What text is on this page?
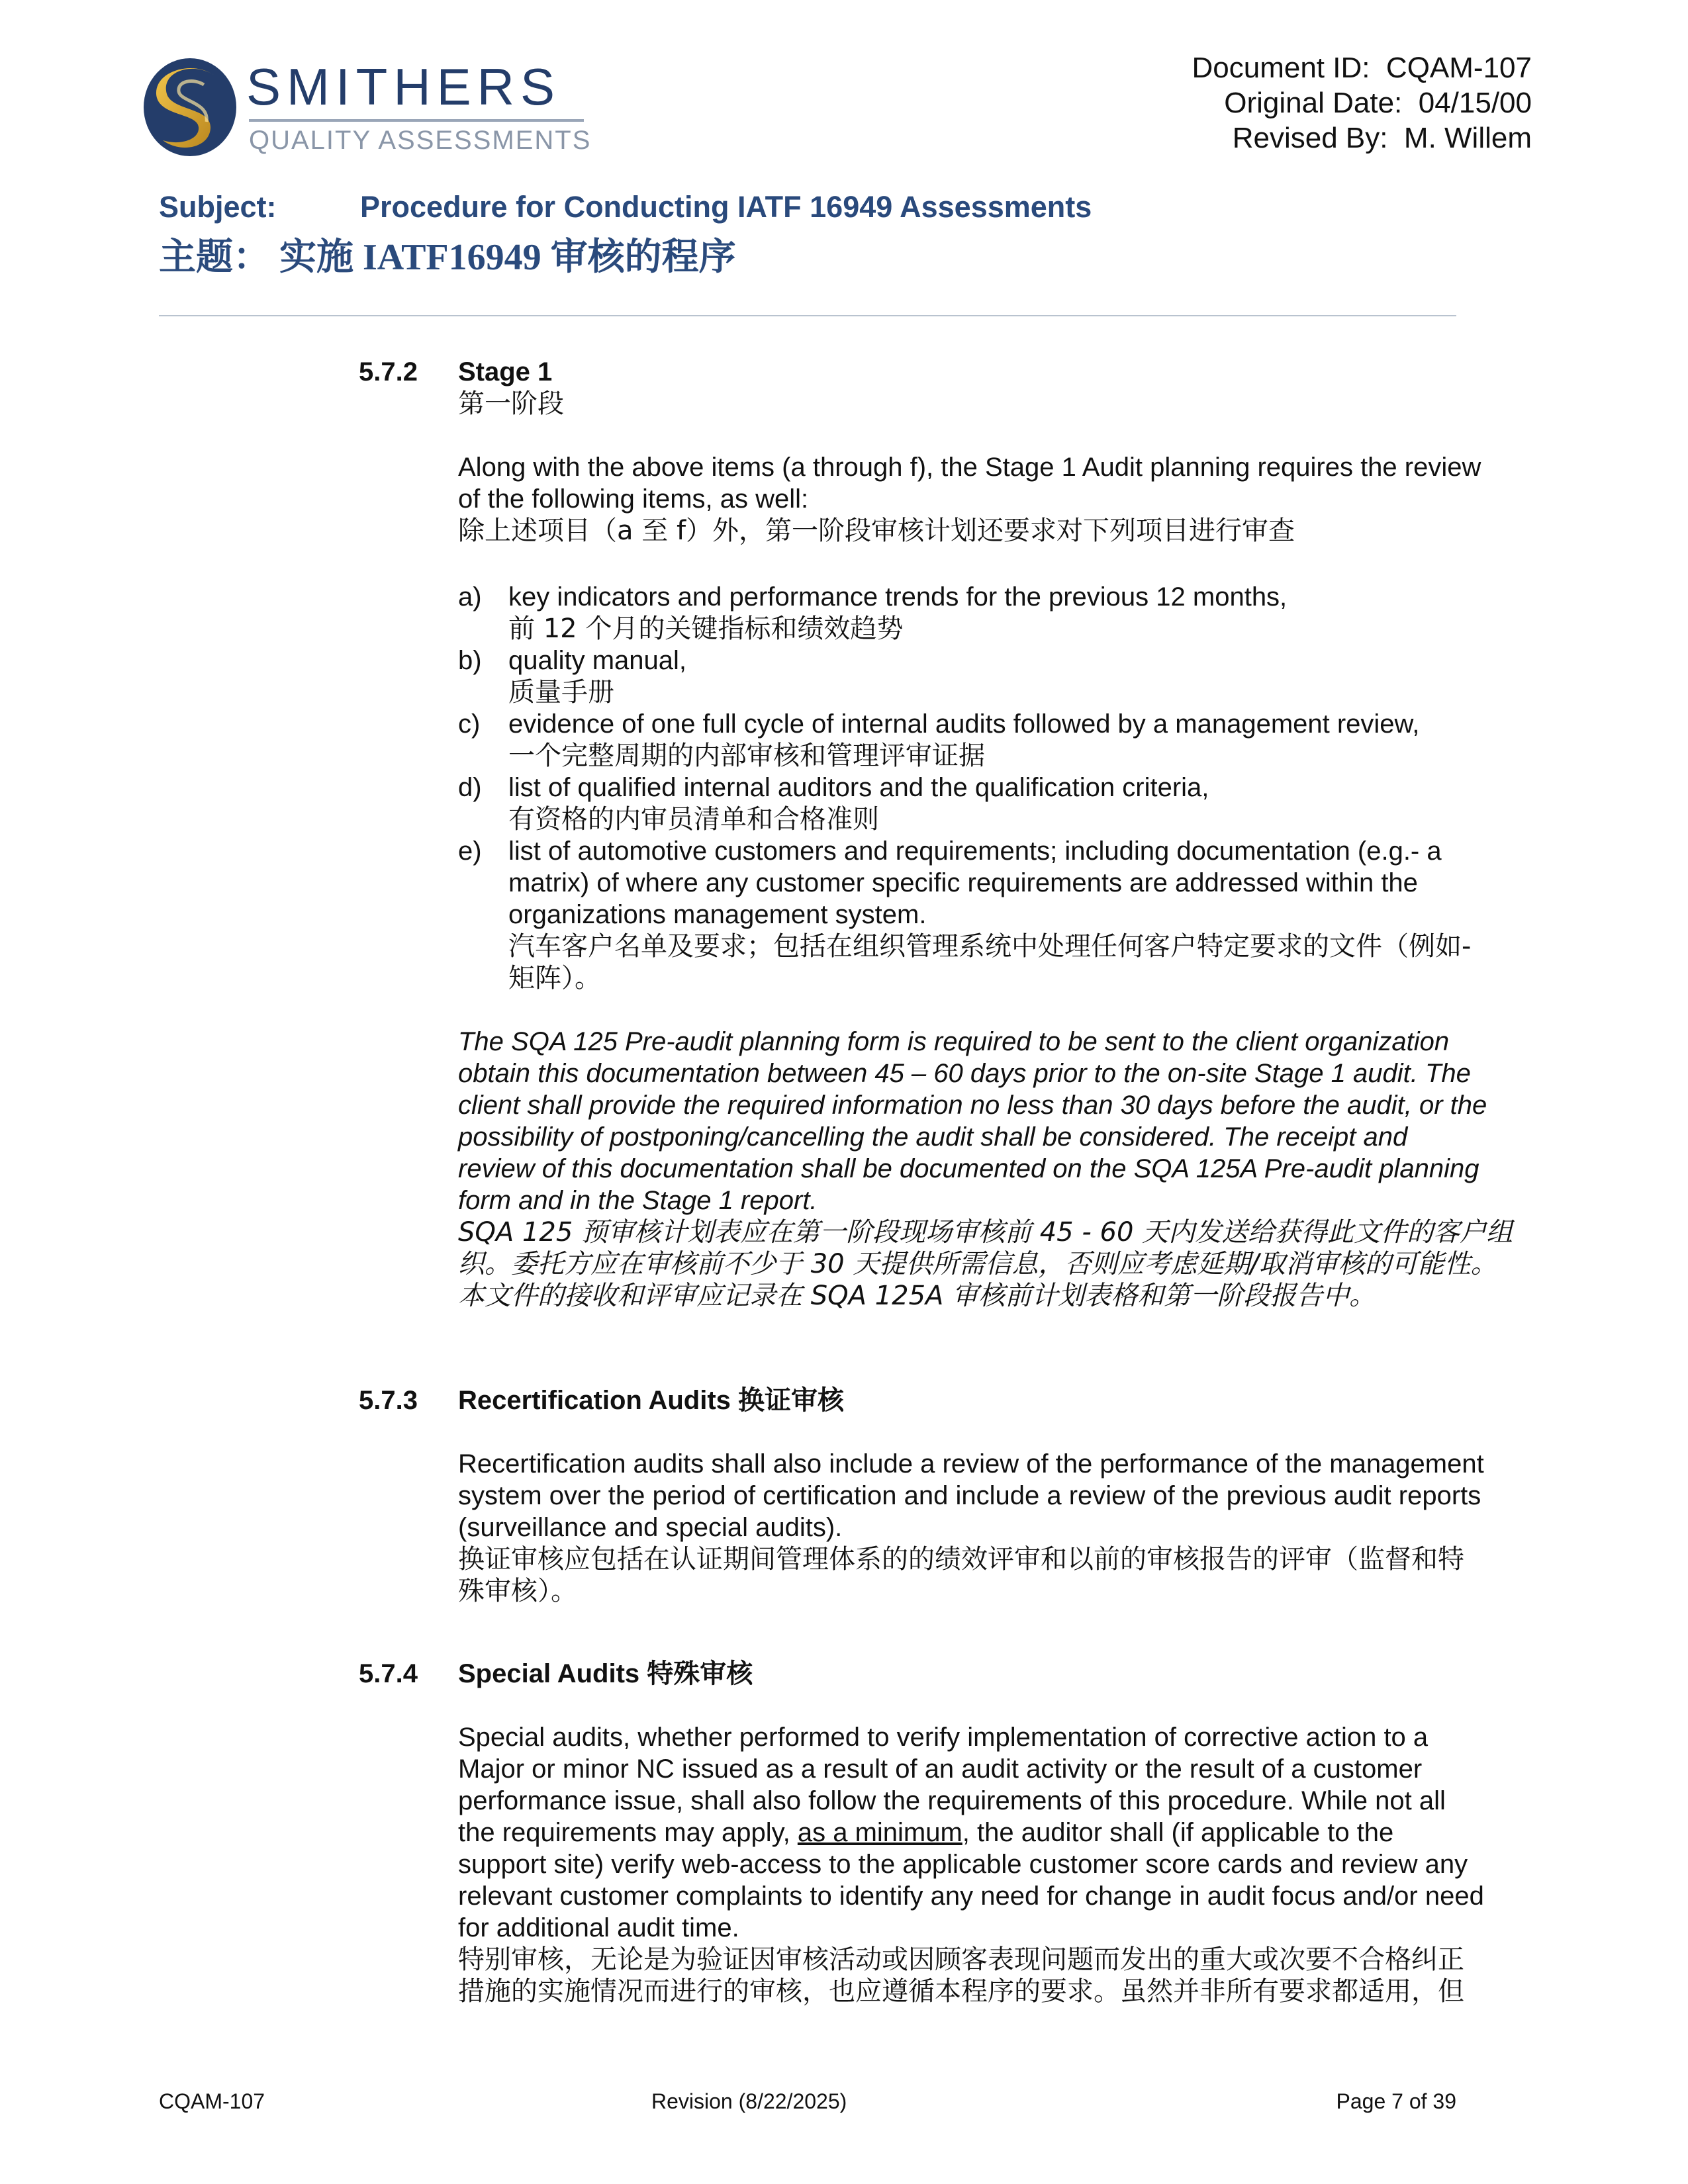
SMITHERS
QUALITY ASSESSMENTS
Document ID:  CQAM-107
Original Date:  04/15/00
Revised By:  M. Willem
Subject:	Procedure for Conducting IATF 16949 Assessments
主题： 实施 IATF16949 审核的程序
5.7.2 Stage 1
第一阶段
Along with the above items (a through f), the Stage 1 Audit planning requires the review
of the following items, as well:
除上述项目（a 至 f）外，第一阶段审核计划还要求对下列项目进行审查
a) key indicators and performance trends for the previous 12 months,
前 12 个月的关键指标和绩效趋势
b) quality manual,
质量手册
c) evidence of one full cycle of internal audits followed by a management review,
一个完整周期的内部审核和管理评审证据
d) list of qualified internal auditors and the qualification criteria,
有资格的内审员清单和合格准则
e) list of automotive customers and requirements; including documentation (e.g.- a
matrix) of where any customer specific requirements are addressed within the
organizations management system.
汽车客户名单及要求；包括在组织管理系统中处理任何客户特定要求的文件（例如-
矩阵）。
The SQA 125 Pre-audit planning form is required to be sent to the client organization
obtain this documentation between 45 – 60 days prior to the on-site Stage 1 audit. The
client shall provide the required information no less than 30 days before the audit, or the
possibility of postponing/cancelling the audit shall be considered. The receipt and
review of this documentation shall be documented on the SQA 125A Pre-audit planning
form and in the Stage 1 report.
SQA 125 预审核计划表应在第一阶段现场审核前 45 - 60 天内发送给获得此文件的客户组
织。委托方应在审核前不少于 30 天提供所需信息，否则应考虑延期/取消审核的可能性。
本文件的接收和评审应记录在 SQA 125A 审核前计划表格和第一阶段报告中。
5.7.3 Recertification Audits 换证审核
Recertification audits shall also include a review of the performance of the management
system over the period of certification and include a review of the previous audit reports
(surveillance and special audits).
换证审核应包括在认证期间管理体系的的绩效评审和以前的审核报告的评审（监督和特
殊审核）。
5.7.4 Special Audits 特殊审核
Special audits, whether performed to verify implementation of corrective action to a
Major or minor NC issued as a result of an audit activity or the result of a customer
performance issue, shall also follow the requirements of this procedure. While not all
the requirements may apply, as a minimum, the auditor shall (if applicable to the
support site) verify web-access to the applicable customer score cards and review any
relevant customer complaints to identify any need for change in audit focus and/or need
for additional audit time.
特别审核，无论是为验证因审核活动或因顾客表现问题而发出的重大或次要不合格纠正
措施的实施情况而进行的审核，也应遵循本程序的要求。虽然并非所有要求都适用，但
CQAM-107	Revision (8/22/2025)	Page 7 of 39
